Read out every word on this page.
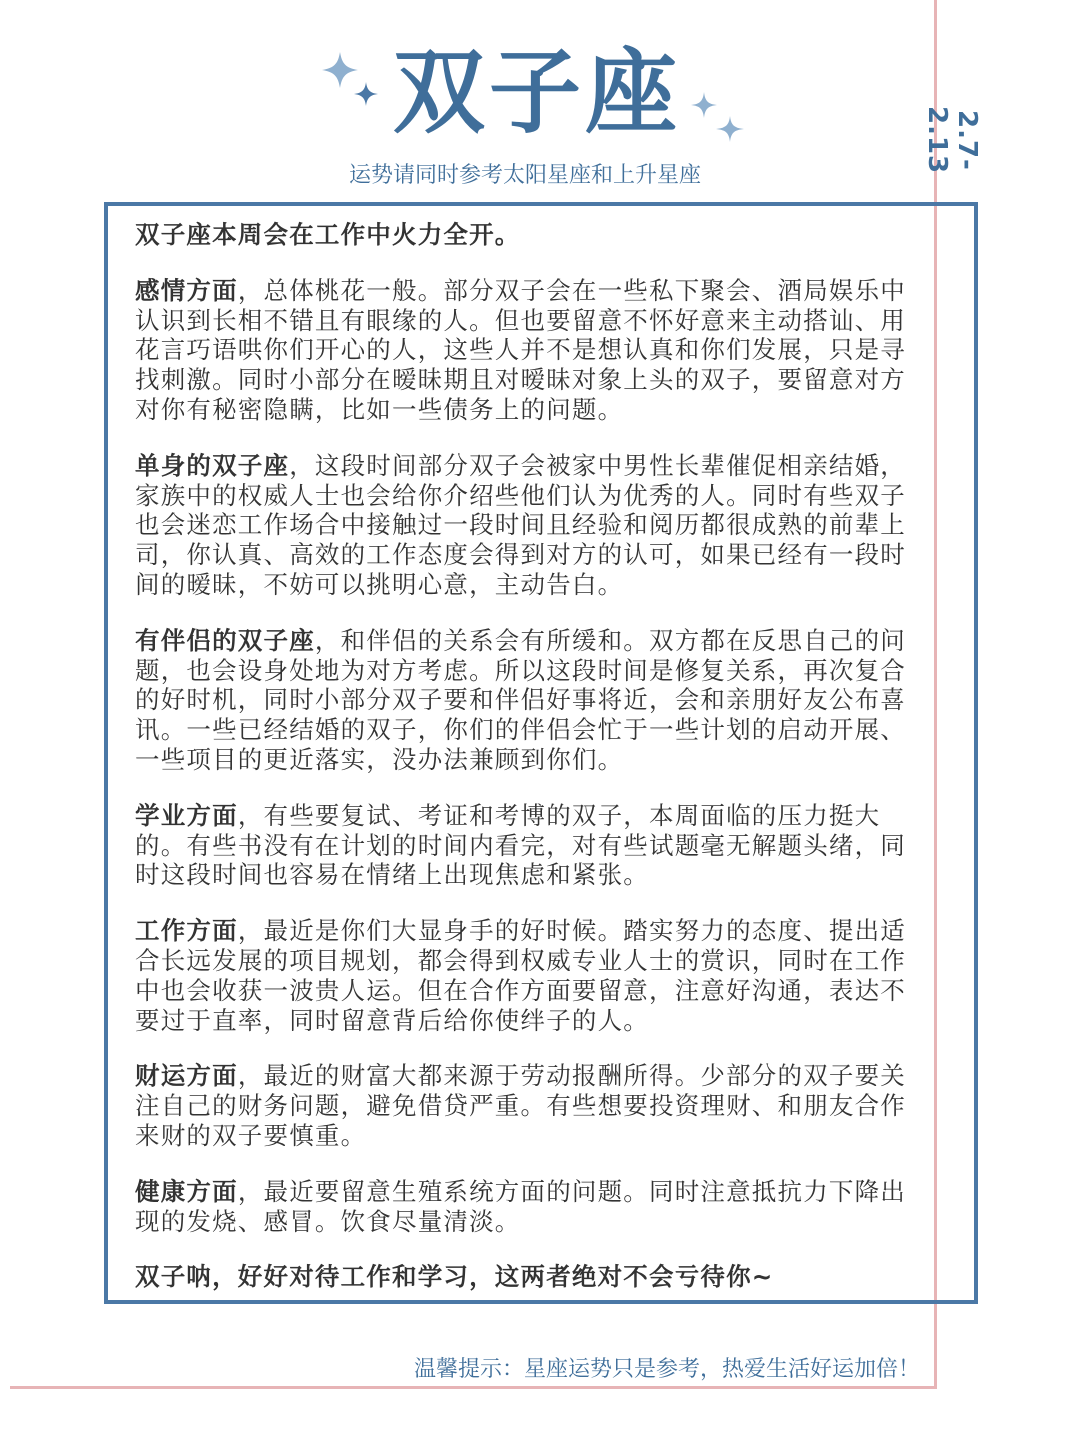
2.7-2.13
双子座
运势请同时参考太阳星座和上升星座

双子座本周会在工作中火力全开。

感情方面，总体桃花一般。部分双子会在一些私下聚会、酒局娱乐中认识到长相不错且有眼缘的人。但也要留意不怀好意来主动搭讪、用花言巧语哄你们开心的人，这些人并不是想认真和你们发展，只是寻找刺激。同时小部分在暧昧期且对暧昧对象上头的双子，要留意对方对你有秘密隐瞒，比如一些债务上的问题。

单身的双子座，这段时间部分双子会被家中男性长辈催促相亲结婚，家族中的权威人士也会给你介绍些他们认为优秀的人。同时有些双子也会迷恋工作场合中接触过一段时间且经验和阅历都很成熟的前辈上司，你认真、高效的工作态度会得到对方的认可，如果已经有一段时间的暧昧，不妨可以挑明心意，主动告白。

有伴侣的双子座，和伴侣的关系会有所缓和。双方都在反思自己的问题，也会设身处地为对方考虑。所以这段时间是修复关系，再次复合的好时机，同时小部分双子要和伴侣好事将近，会和亲朋好友公布喜讯。一些已经结婚的双子，你们的伴侣会忙于一些计划的启动开展、一些项目的更近落实，没办法兼顾到你们。

学业方面，有些要复试、考证和考博的双子，本周面临的压力挺大的。有些书没有在计划的时间内看完，对有些试题毫无解题头绪，同时这段时间也容易在情绪上出现焦虑和紧张。

工作方面，最近是你们大显身手的好时候。踏实努力的态度、提出适合长远发展的项目规划，都会得到权威专业人士的赏识，同时在工作中也会收获一波贵人运。但在合作方面要留意，注意好沟通，表达不要过于直率，同时留意背后给你使绊子的人。

财运方面，最近的财富大都来源于劳动报酬所得。少部分的双子要关注自己的财务问题，避免借贷严重。有些想要投资理财、和朋友合作来财的双子要慎重。

健康方面，最近要留意生殖系统方面的问题。同时注意抵抗力下降出现的发烧、感冒。饮食尽量清淡。

双子呐，好好对待工作和学习，这两者绝对不会亏待你~

温馨提示：星座运势只是参考，热爱生活好运加倍！
